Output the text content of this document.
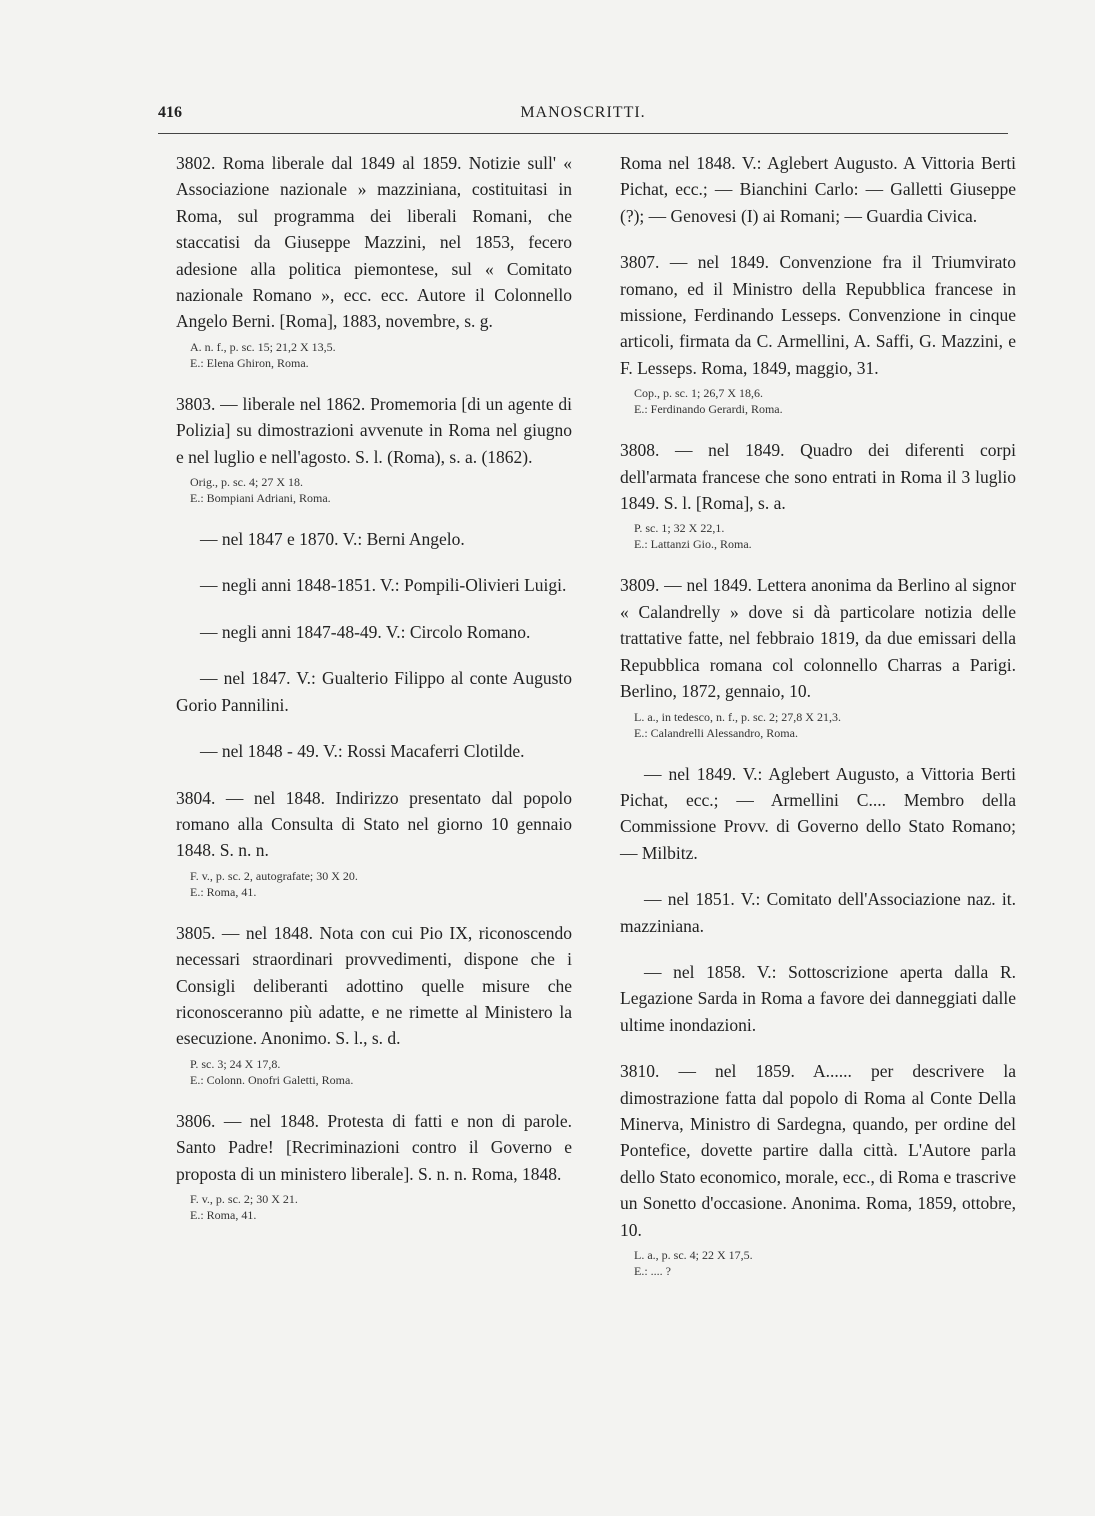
416	MANOSCRITTI.

3802. Roma liberale dal 1849 al 1859. Notizie sull' « Associazione nazionale » mazziniana, costituitasi in Roma, sul programma dei liberali Romani, che staccatisi da Giuseppe Mazzini, nel 1853, fecero adesione alla politica piemontese, sul « Comitato nazionale Romano », ecc. ecc. Autore il Colonnello Angelo Berni. [Roma], 1883, novembre, s. g.

A. n. f., p. sc. 15; 21,2 X 13,5.
E.: Elena Ghiron, Roma.

3803. — liberale nel 1862. Promemoria [di un agente di Polizia] su dimostrazioni avvenute in Roma nel giugno e nel luglio e nell'agosto. S. l. (Roma), s. a. (1862).

Orig., p. sc. 4; 27 X 18.
E.: Bompiani Adriani, Roma.

— nel 1847 e 1870. V.: Berni Angelo.

— negli anni 1848-1851. V.: Pompili-Olivieri Luigi.

— negli anni 1847-48-49. V.: Circolo Romano.

— nel 1847. V.: Gualterio Filippo al conte Augusto Gorio Pannilini.

— nel 1848 - 49. V.: Rossi Macaferri Clotilde.

3804. — nel 1848. Indirizzo presentato dal popolo romano alla Consulta di Stato nel giorno 10 gennaio 1848. S. n. n.

F. v., p. sc. 2, autografate; 30 X 20.
E.: Roma, 41.

3805. — nel 1848. Nota con cui Pio IX, riconoscendo necessari straordinari provvedimenti, dispone che i Consigli deliberanti adottino quelle misure che riconosceranno più adatte, e ne rimette al Ministero la esecuzione. Anonimo. S. l., s. d.

P. sc. 3; 24 X 17,8.
E.: Colonn. Onofri Galetti, Roma.

3806. — nel 1848. Protesta di fatti e non di parole. Santo Padre! [Recriminazioni contro il Governo e proposta di un ministero liberale]. S. n. n. Roma, 1848.

F. v., p. sc. 2; 30 X 21.
E.: Roma, 41.

Roma nel 1848. V.: Aglebert Augusto. A Vittoria Berti Pichat, ecc.; — Bianchini Carlo: — Galletti Giuseppe (?); — Genovesi (I) ai Romani; — Guardia Civica.

3807. — nel 1849. Convenzione fra il Triumvirato romano, ed il Ministro della Repubblica francese in missione, Ferdinando Lesseps. Convenzione in cinque articoli, firmata da C. Armellini, A. Saffi, G. Mazzini, e F. Lesseps. Roma, 1849, maggio, 31.

Cop., p. sc. 1; 26,7 X 18,6.
E.: Ferdinando Gerardi, Roma.

3808. — nel 1849. Quadro dei diferenti corpi dell'armata francese che sono entrati in Roma il 3 luglio 1849. S. l. [Roma], s. a.

P. sc. 1; 32 X 22,1.
E.: Lattanzi Gio., Roma.

3809. — nel 1849. Lettera anonima da Berlino al signor « Calandrelly » dove si dà particolare notizia delle trattative fatte, nel febbraio 1819, da due emissari della Repubblica romana col colonnello Charras a Parigi. Berlino, 1872, gennaio, 10.

L. a., in tedesco, n. f., p. sc. 2; 27,8 X 21,3.
E.: Calandrelli Alessandro, Roma.

— nel 1849. V.: Aglebert Augusto, a Vittoria Berti Pichat, ecc.; — Armellini C.... Membro della Commissione Provv. di Governo dello Stato Romano; — Milbitz.

— nel 1851. V.: Comitato dell'Associazione naz. it. mazziniana.

— nel 1858. V.: Sottoscrizione aperta dalla R. Legazione Sarda in Roma a favore dei danneggiati dalle ultime inondazioni.

3810. — nel 1859. A...... per descrivere la dimostrazione fatta dal popolo di Roma al Conte Della Minerva, Ministro di Sardegna, quando, per ordine del Pontefice, dovette partire dalla città. L'Autore parla dello Stato economico, morale, ecc., di Roma e trascrive un Sonetto d'occasione. Anonima. Roma, 1859, ottobre, 10.

L. a., p. sc. 4; 22 X 17,5.
E.: .... ?
